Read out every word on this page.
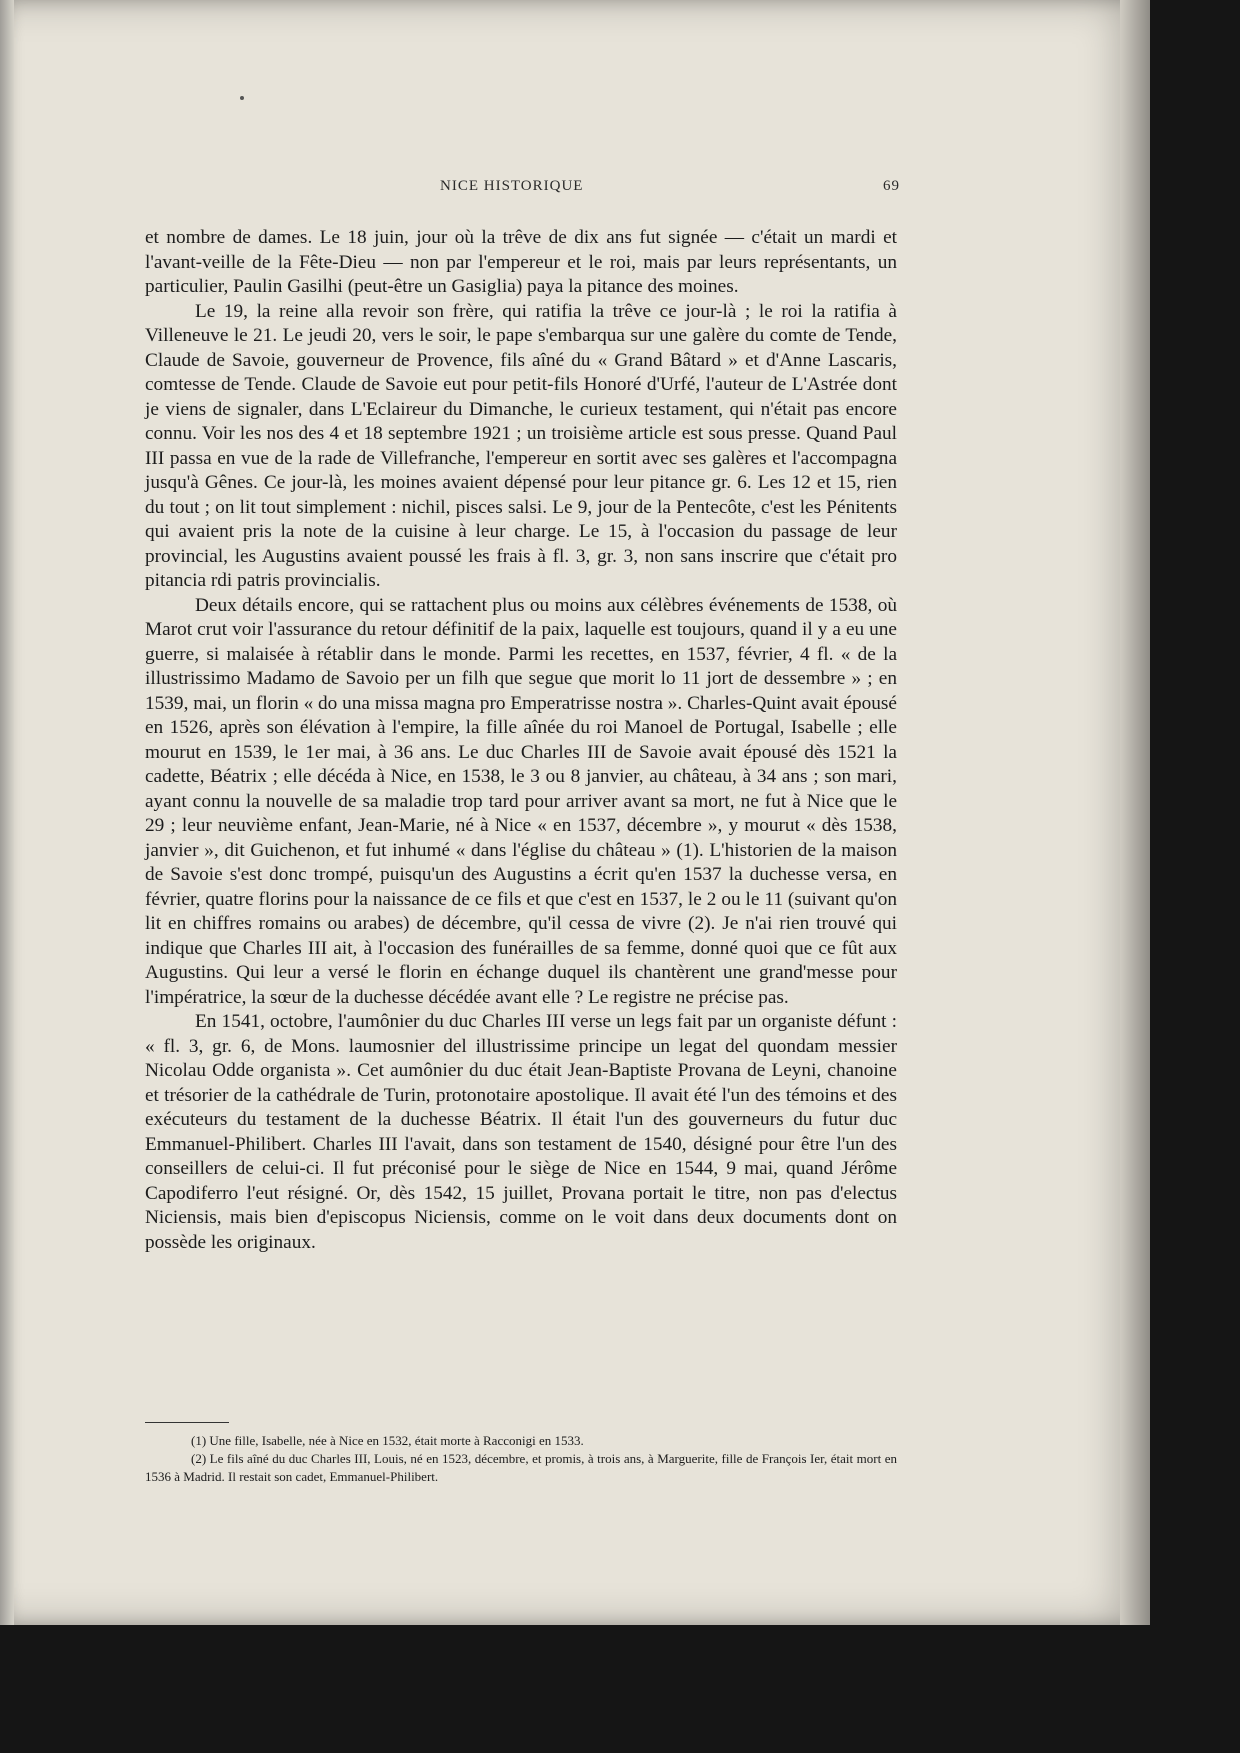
NICE HISTORIQUE	69

et nombre de dames. Le 18 juin, jour où la trêve de dix ans fut signée — c'était un mardi et l'avant-veille de la Fête-Dieu — non par l'empereur et le roi, mais par leurs représentants, un particulier, Paulin Gasilhi (peut-être un Gasiglia) paya la pitance des moines.

Le 19, la reine alla revoir son frère, qui ratifia la trêve ce jour-là ; le roi la ratifia à Villeneuve le 21. Le jeudi 20, vers le soir, le pape s'embarqua sur une galère du comte de Tende, Claude de Savoie, gouverneur de Provence, fils aîné du « Grand Bâtard » et d'Anne Lascaris, comtesse de Tende. Claude de Savoie eut pour petit-fils Honoré d'Urfé, l'auteur de L'Astrée dont je viens de signaler, dans L'Eclaireur du Dimanche, le curieux testament, qui n'était pas encore connu. Voir les nos des 4 et 18 septembre 1921 ; un troisième article est sous presse. Quand Paul III passa en vue de la rade de Villefranche, l'empereur en sortit avec ses galères et l'accompagna jusqu'à Gênes. Ce jour-là, les moines avaient dépensé pour leur pitance gr. 6. Les 12 et 15, rien du tout ; on lit tout simplement : nichil, pisces salsi. Le 9, jour de la Pentecôte, c'est les Pénitents qui avaient pris la note de la cuisine à leur charge. Le 15, à l'occasion du passage de leur provincial, les Augustins avaient poussé les frais à fl. 3, gr. 3, non sans inscrire que c'était pro pitancia rdi patris provincialis.

Deux détails encore, qui se rattachent plus ou moins aux célèbres événements de 1538, où Marot crut voir l'assurance du retour définitif de la paix, laquelle est toujours, quand il y a eu une guerre, si malaisée à rétablir dans le monde. Parmi les recettes, en 1537, février, 4 fl. « de la illustrissimo Madamo de Savoio per un filh que segue que morit lo 11 jort de dessembre » ; en 1539, mai, un florin « do una missa magna pro Emperatrisse nostra ». Charles-Quint avait épousé en 1526, après son élévation à l'empire, la fille aînée du roi Manoel de Portugal, Isabelle ; elle mourut en 1539, le 1er mai, à 36 ans. Le duc Charles III de Savoie avait épousé dès 1521 la cadette, Béatrix ; elle décéda à Nice, en 1538, le 3 ou 8 janvier, au château, à 34 ans ; son mari, ayant connu la nouvelle de sa maladie trop tard pour arriver avant sa mort, ne fut à Nice que le 29 ; leur neuvième enfant, Jean-Marie, né à Nice « en 1537, décembre », y mourut « dès 1538, janvier », dit Guichenon, et fut inhumé « dans l'église du château » (1). L'historien de la maison de Savoie s'est donc trompé, puisqu'un des Augustins a écrit qu'en 1537 la duchesse versa, en février, quatre florins pour la naissance de ce fils et que c'est en 1537, le 2 ou le 11 (suivant qu'on lit en chiffres romains ou arabes) de décembre, qu'il cessa de vivre (2). Je n'ai rien trouvé qui indique que Charles III ait, à l'occasion des funérailles de sa femme, donné quoi que ce fût aux Augustins. Qui leur a versé le florin en échange duquel ils chantèrent une grand'messe pour l'impératrice, la sœur de la duchesse décédée avant elle ? Le registre ne précise pas.

En 1541, octobre, l'aumônier du duc Charles III verse un legs fait par un organiste défunt : « fl. 3, gr. 6, de Mons. laumosnier del illustrissime principe un legat del quondam messier Nicolau Odde organista ». Cet aumônier du duc était Jean-Baptiste Provana de Leyni, chanoine et trésorier de la cathédrale de Turin, protonotaire apostolique. Il avait été l'un des témoins et des exécuteurs du testament de la duchesse Béatrix. Il était l'un des gouverneurs du futur duc Emmanuel-Philibert. Charles III l'avait, dans son testament de 1540, désigné pour être l'un des conseillers de celui-ci. Il fut préconisé pour le siège de Nice en 1544, 9 mai, quand Jérôme Capodiferro l'eut résigné. Or, dès 1542, 15 juillet, Provana portait le titre, non pas d'electus Niciensis, mais bien d'episcopus Niciensis, comme on le voit dans deux documents dont on possède les originaux.

(1) Une fille, Isabelle, née à Nice en 1532, était morte à Racconigi en 1533.

(2) Le fils aîné du duc Charles III, Louis, né en 1523, décembre, et promis, à trois ans, à Marguerite, fille de François Ier, était mort en 1536 à Madrid. Il restait son cadet, Emmanuel-Philibert.
